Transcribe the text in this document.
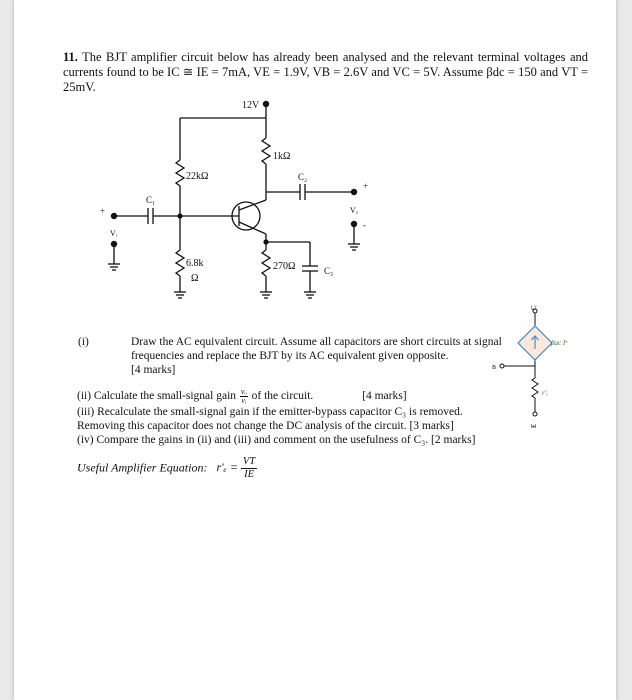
11. The BJT amplifier circuit below has already been analysed and the relevant terminal voltages and currents found to be IC ≅ IE = 7mA, VE = 1.9V, VB = 2.6V and VC = 5V. Assume βdc = 150 and VT = 25mV.
12V
1kΩ
22kΩ
6.8k
Ω
270Ω
C₁
C₂
C₃
+
Vᵢ
+
Vₒ
-
C
B
E
βac Iᵇ
r'ₑ
(i)	Draw the AC equivalent circuit. Assume all capacitors are short circuits at signal frequencies and replace the BJT by its AC equivalent given opposite.
[4 marks]
(ii) Calculate the small-signal gain $\frac{\text{vₒ}}{\text{vᵢ}}$ of the circuit.	[4 marks]
(iii) Recalculate the small-signal gain if the emitter-bypass capacitor C₃ is removed.
Removing this capacitor does not change the DC analysis of the circuit. [3 marks]
(iv) Compare the gains in (ii) and (iii) and comment on the usefulness of C₃. [2 marks]
Useful Amplifier Equation: $r'_e = \frac{VT}{IE}$
